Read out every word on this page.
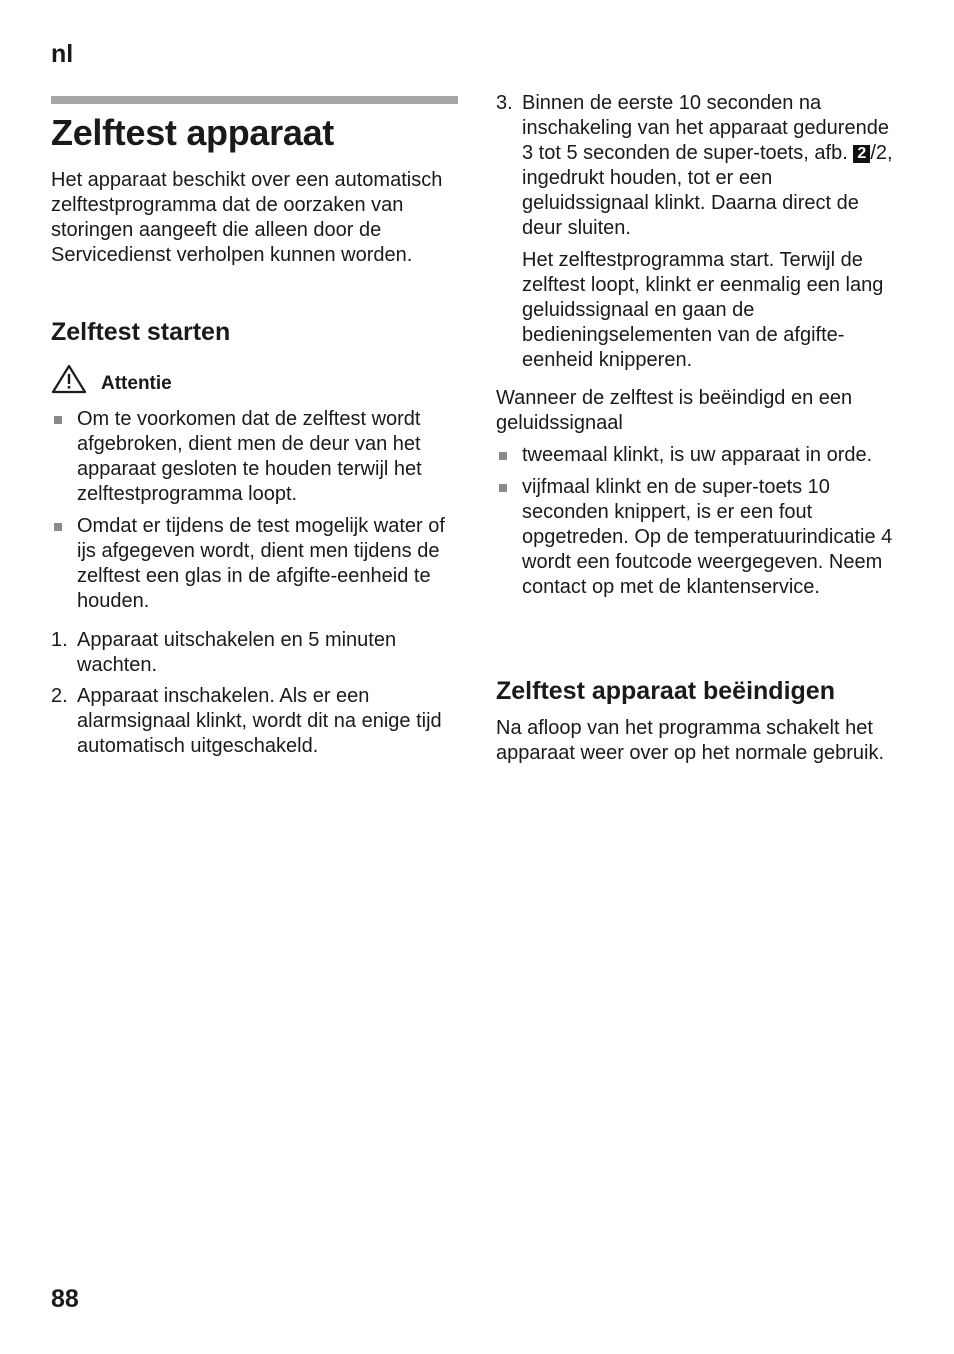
nl
Zelftest apparaat

Het apparaat beschikt over een automatisch zelftestprogramma dat de oorzaken van storingen aangeeft die alleen door de Servicedienst verholpen kunnen worden.

Zelftest starten
Attentie
Om te voorkomen dat de zelftest wordt afgebroken, dient men de deur van het apparaat gesloten te houden terwijl het zelftestprogramma loopt.
Omdat er tijdens de test mogelijk water of ijs afgegeven wordt, dient men tijdens de zelftest een glas in de afgifte-eenheid te houden.
1. Apparaat uitschakelen en 5 minuten wachten.
2. Apparaat inschakelen. Als er een alarmsignaal klinkt, wordt dit na enige tijd automatisch uitgeschakeld.
3. Binnen de eerste 10 seconden na inschakeling van het apparaat gedurende 3 tot 5 seconden de super-toets, afb. 2 /2, ingedrukt houden, tot er een geluidssignaal klinkt. Daarna direct de deur sluiten.
Het zelftestprogramma start. Terwijl de zelftest loopt, klinkt er eenmalig een lang geluidssignaal en gaan de bedieningselementen van de afgifte-eenheid knipperen.

Wanneer de zelftest is beëindigd en een geluidssignaal

tweemaal klinkt, is uw apparaat in orde.
vijfmaal klinkt en de super-toets 10 seconden knippert, is er een fout opgetreden. Op de temperatuurindicatie 4 wordt een foutcode weergegeven. Neem contact op met de klantenservice.
Zelftest apparaat beëindigen

Na afloop van het programma schakelt het apparaat weer over op het normale gebruik.

88
